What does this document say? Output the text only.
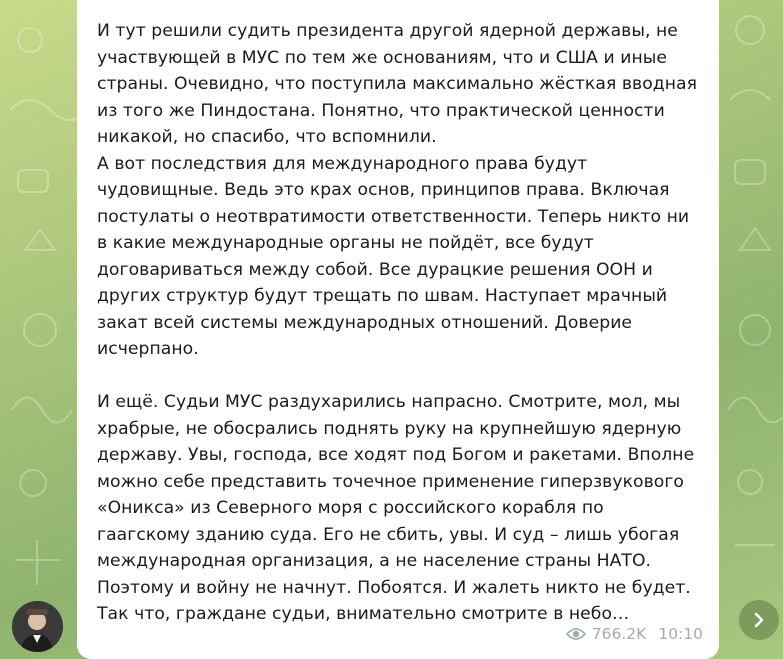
И тут решили судить президента другой ядерной державы, не участвующей в МУС по тем же основаниям, что и США и иные страны. Очевидно, что поступила максимально жёсткая вводная из того же Пиндостана. Понятно, что практической ценности никакой, но спасибо, что вспомнили.

А вот последствия для международного права будут чудовищные. Ведь это крах основ, принципов права. Включая постулаты о неотвратимости ответственности. Теперь никто ни в какие международные органы не пойдёт, все будут договариваться между собой. Все дурацкие решения ООН и других структур будут трещать по швам. Наступает мрачный закат всей системы международных отношений. Доверие исчерпано.

И ещё. Судьи МУС раздухарились напрасно. Смотрите, мол, мы храбрые, не обосрались поднять руку на крупнейшую ядерную державу. Увы, господа, все ходят под Богом и ракетами. Вполне можно себе представить точечное применение гиперзвукового «Оникса» из Северного моря с российского корабля по гаагскому зданию суда. Его не сбить, увы. И суд – лишь убогая международная организация, а не население страны НАТО. Поэтому и войну не начнут. Побоятся. И жалеть никто не будет. Так что, граждане судьи, внимательно смотрите в небо…

766.2K 10:10
